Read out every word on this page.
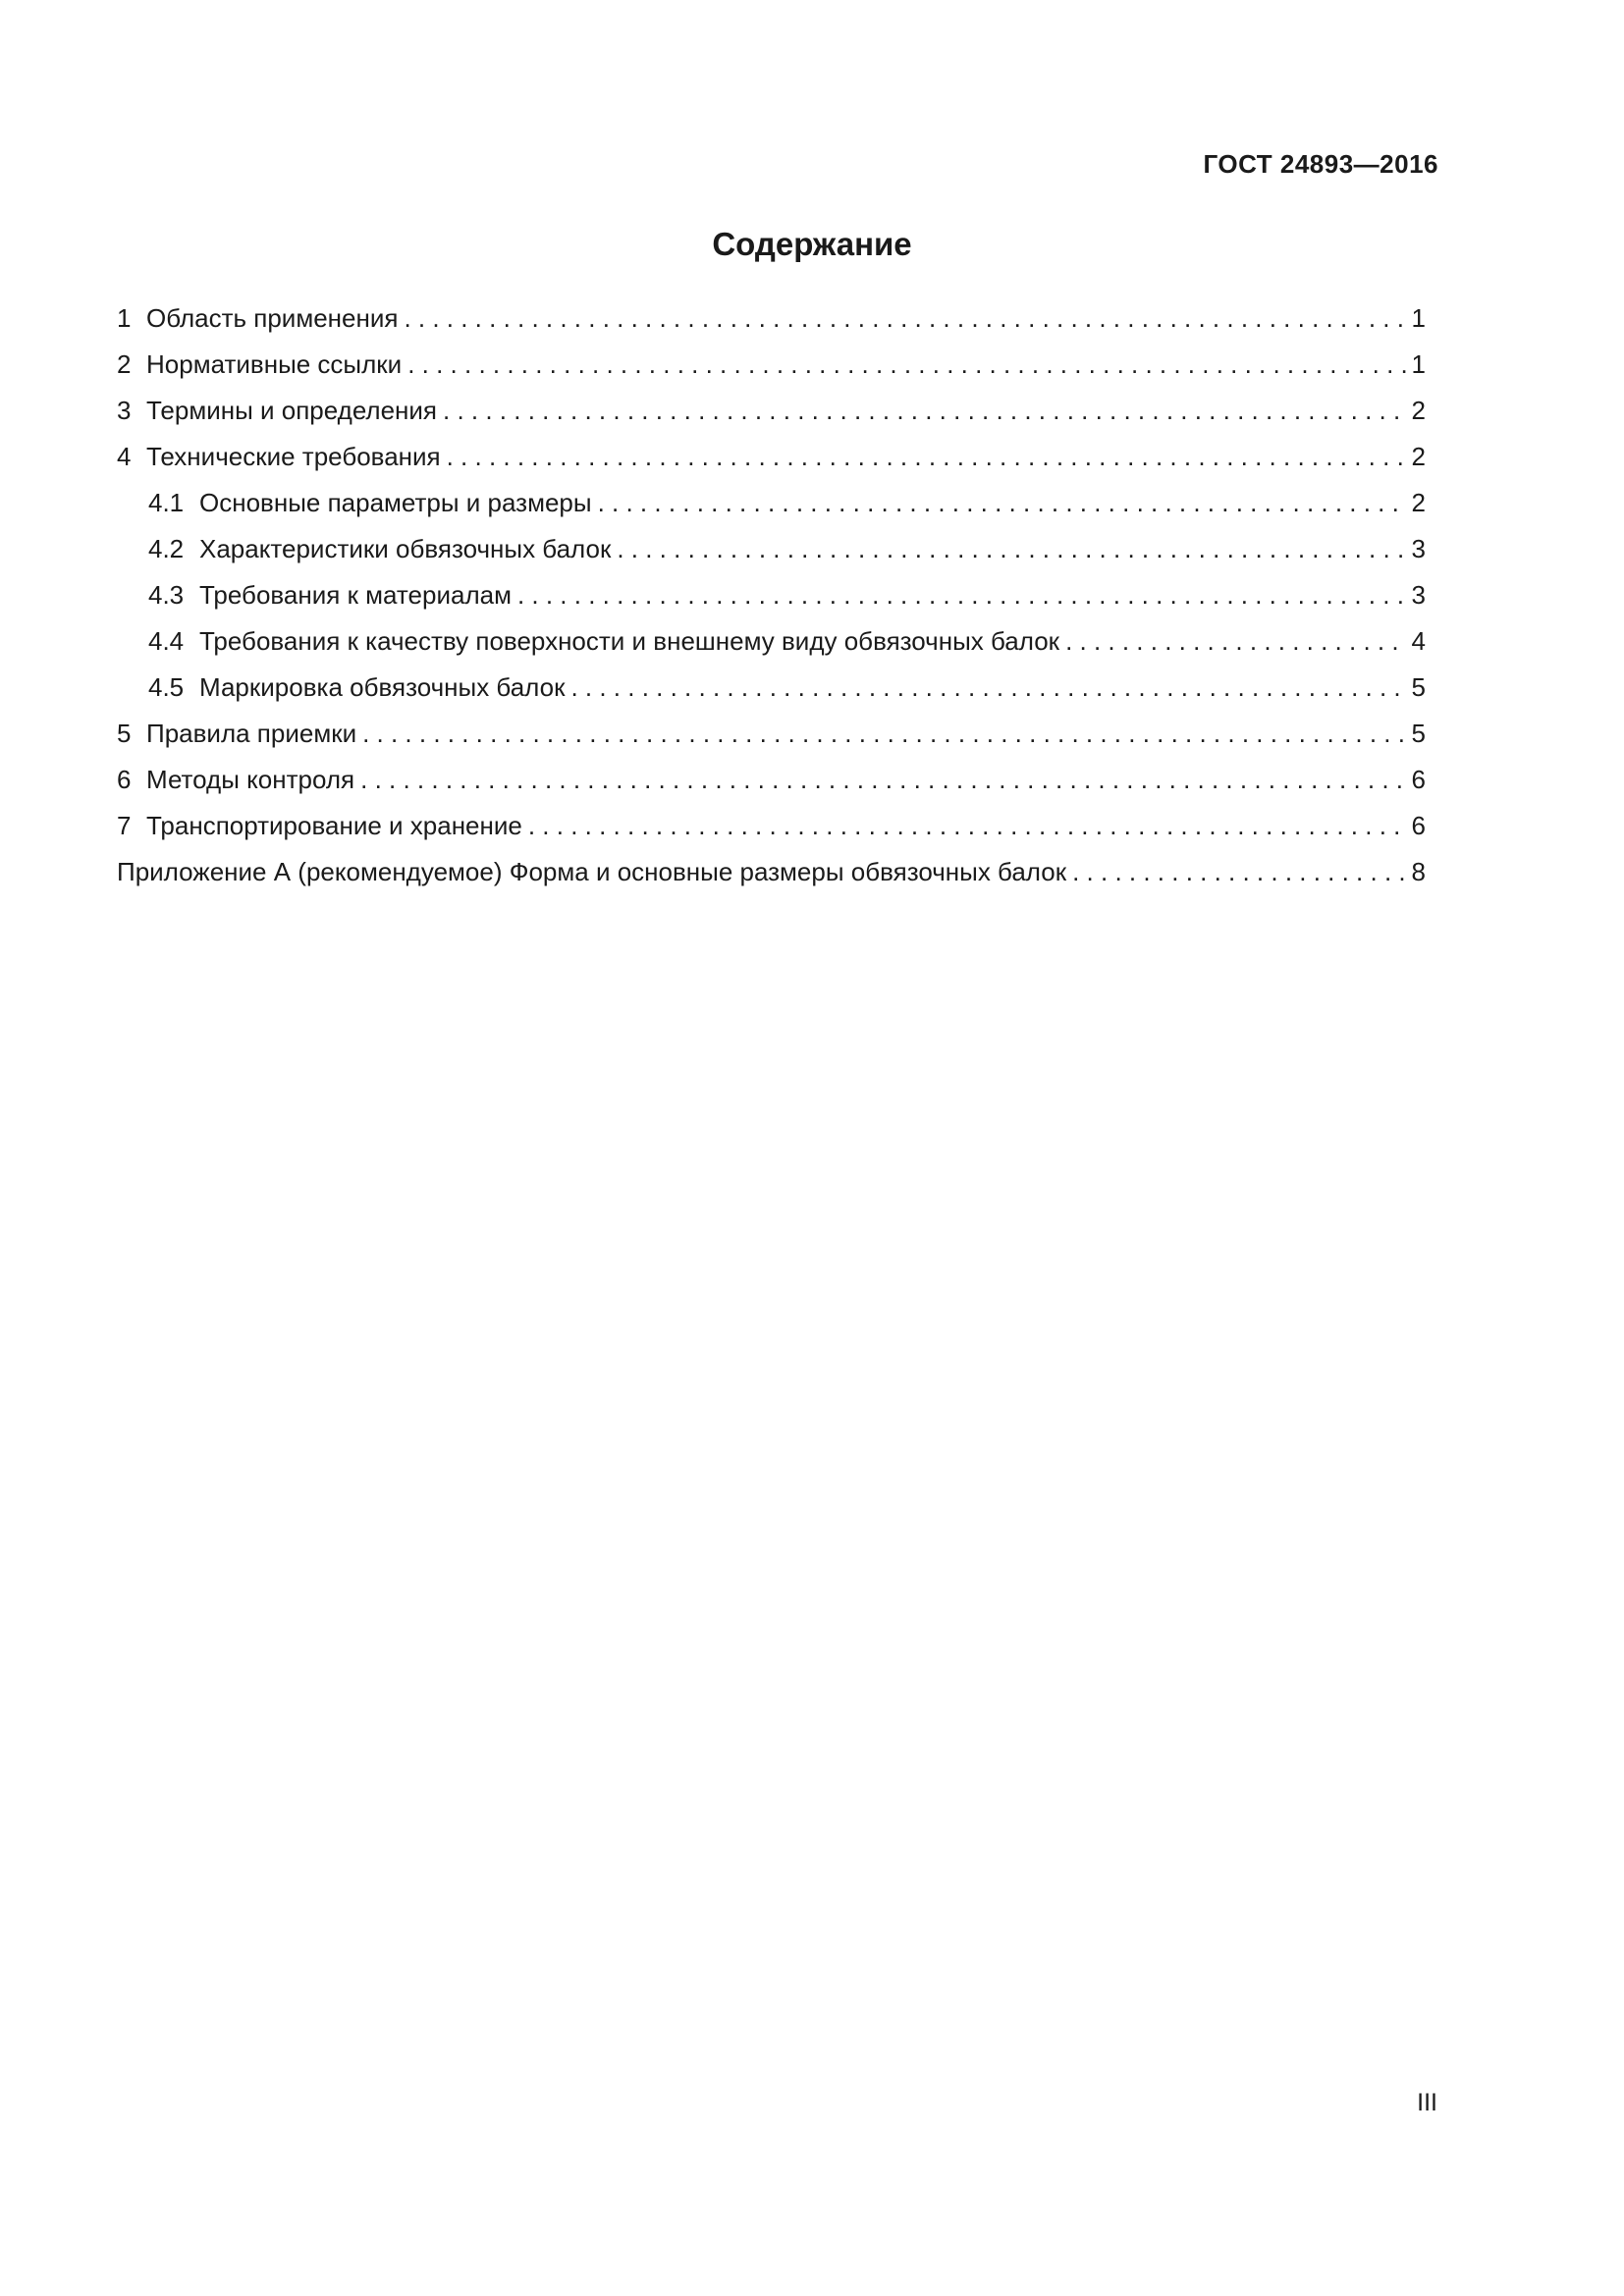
ГОСТ 24893—2016
Содержание
1 Область применения . . .	1
2 Нормативные ссылки . . .	1
3 Термины и определения . . .	2
4 Технические требования . . .	2
4.1 Основные параметры и размеры . . .	2
4.2 Характеристики обвязочных балок . . .	3
4.3 Требования к материалам . . .	3
4.4 Требования к качеству поверхности и внешнему виду обвязочных балок . . .	4
4.5 Маркировка обвязочных балок . . .	5
5 Правила приемки . . .	5
6 Методы контроля . . .	6
7 Транспортирование и хранение . . .	6
Приложение А (рекомендуемое) Форма и основные размеры обвязочных балок . . .	8
III
